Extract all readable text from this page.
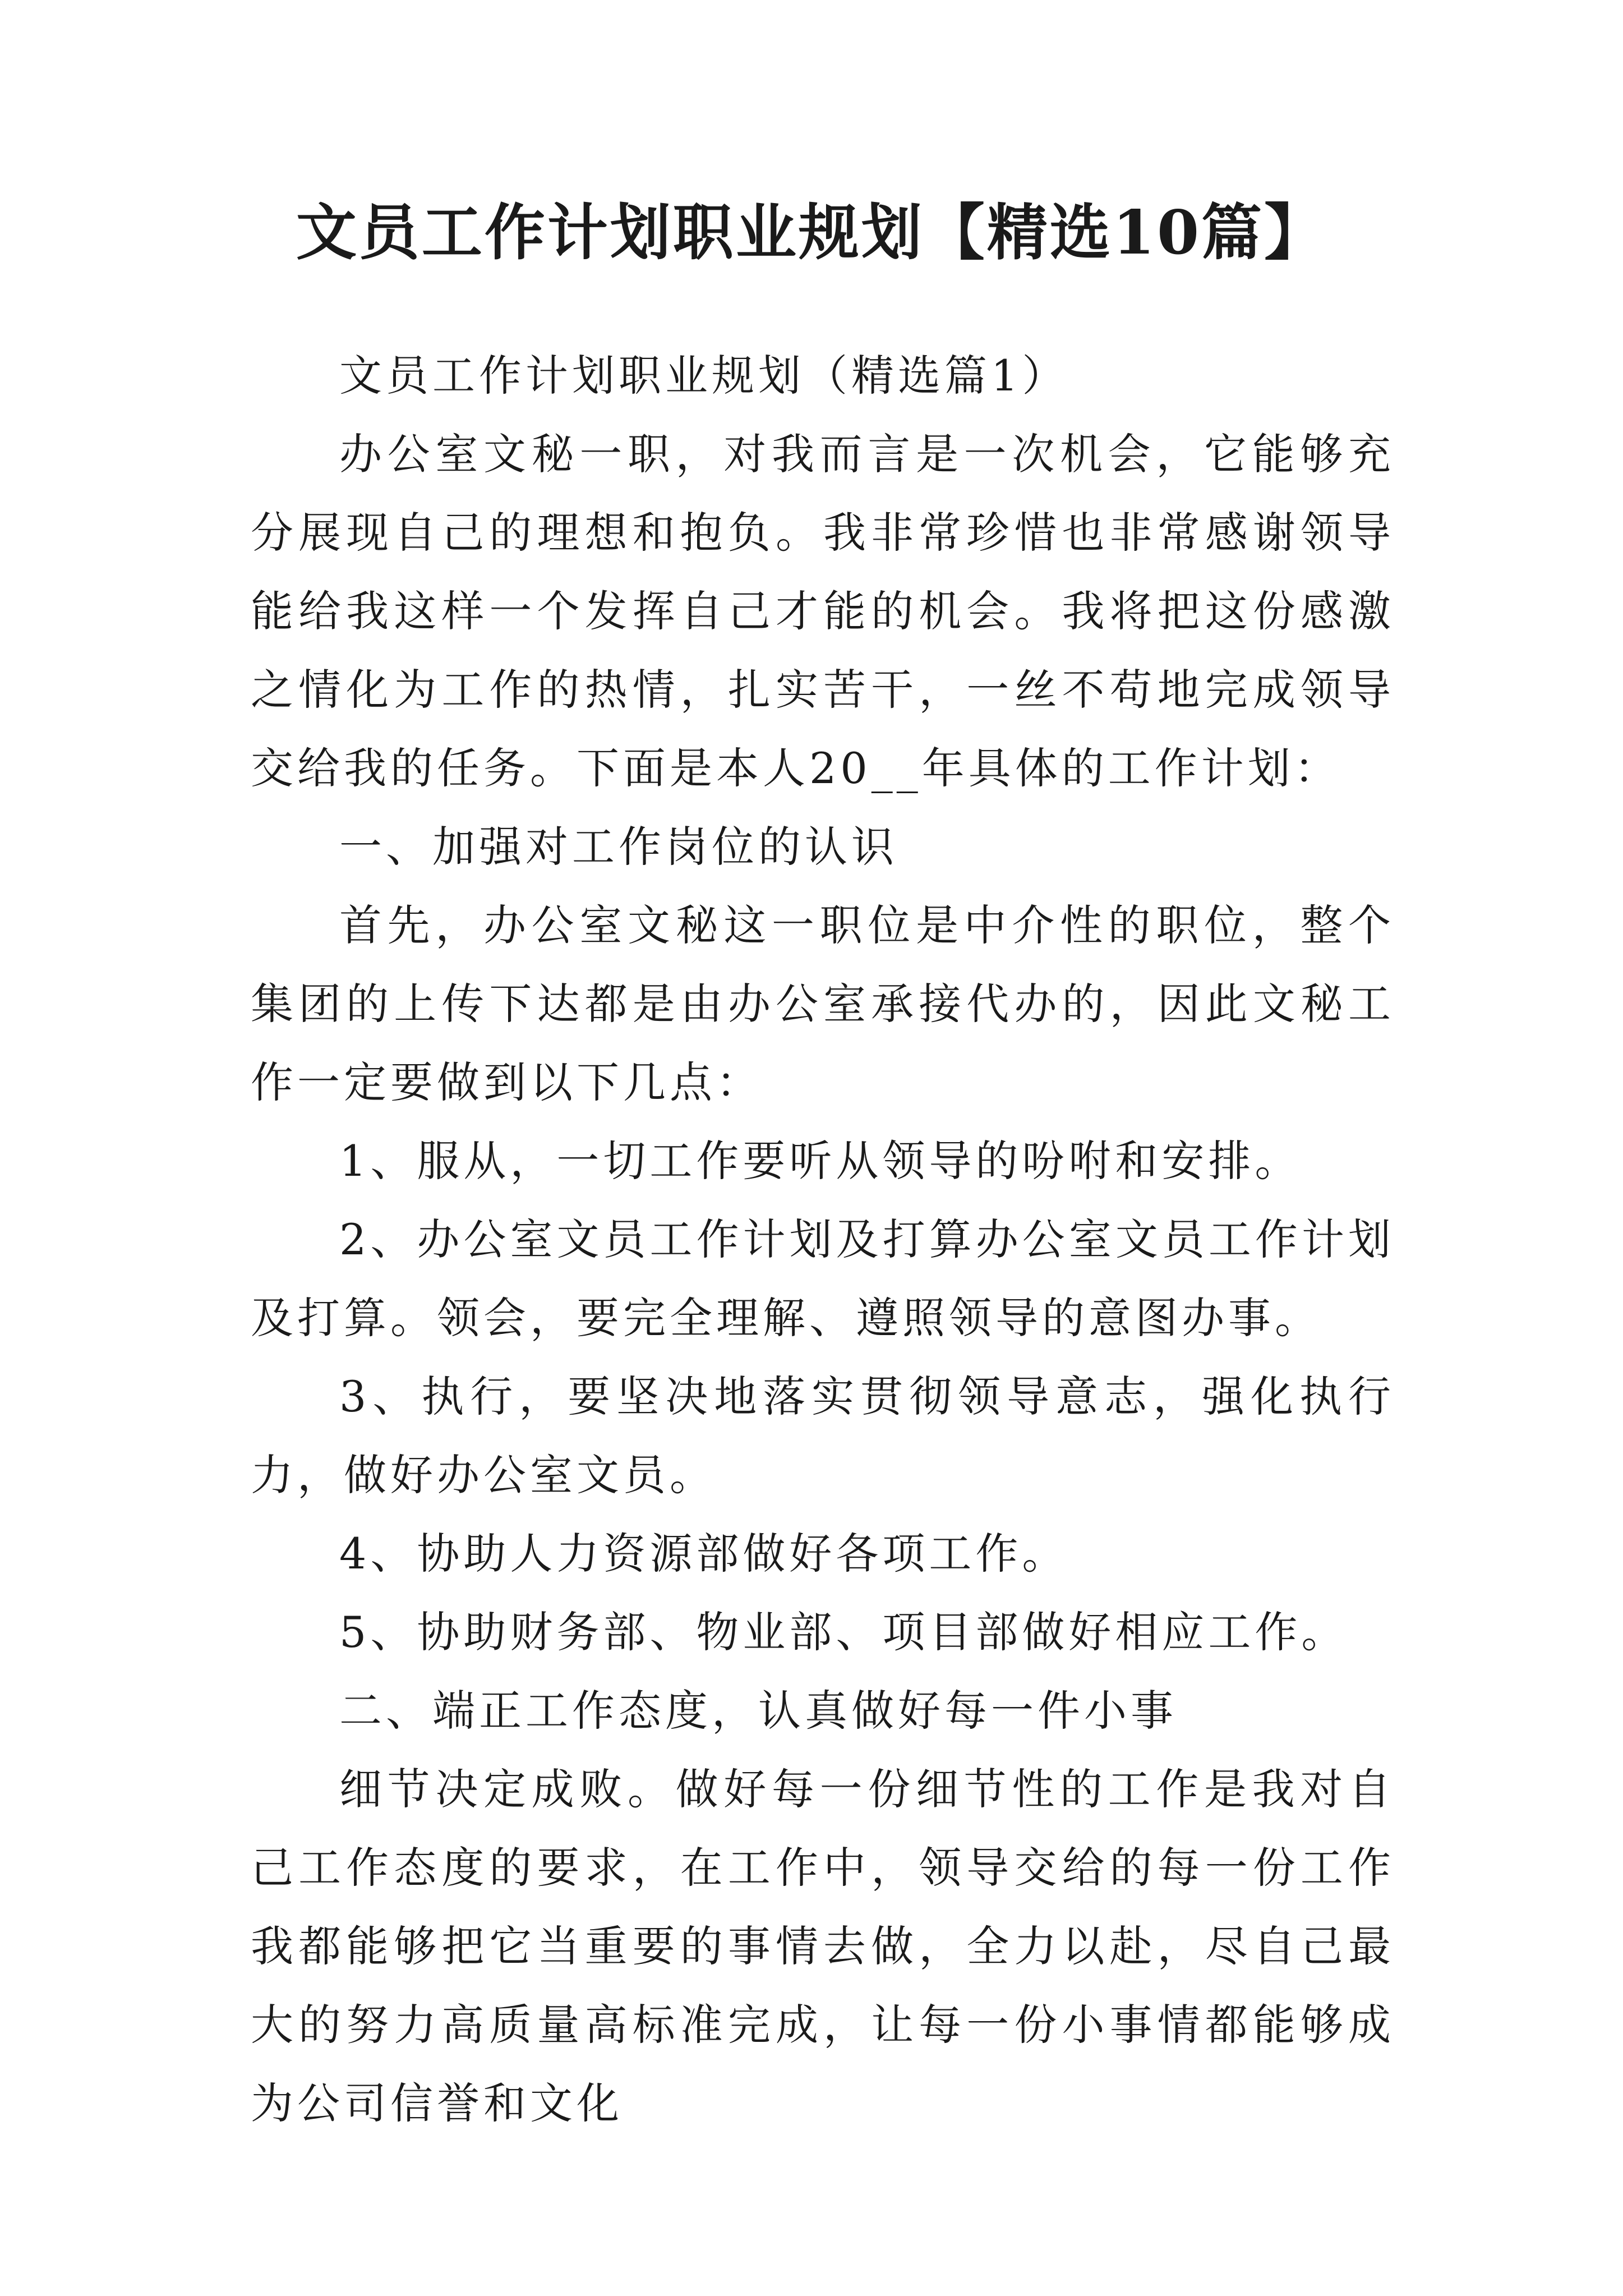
文员工作计划职业规划【精选10篇】

文员工作计划职业规划（精选篇1）

办公室文秘一职，对我而言是一次机会，它能够充分展现自己的理想和抱负。我非常珍惜也非常感谢领导能给我这样一个发挥自己才能的机会。我将把这份感激之情化为工作的热情，扎实苦干，一丝不苟地完成领导交给我的任务。下面是本人20__年具体的工作计划：

一、加强对工作岗位的认识

首先，办公室文秘这一职位是中介性的职位，整个集团的上传下达都是由办公室承接代办的，因此文秘工作一定要做到以下几点：

1、服从，一切工作要听从领导的吩咐和安排。

2、办公室文员工作计划及打算办公室文员工作计划及打算。领会，要完全理解、遵照领导的意图办事。

3、执行，要坚决地落实贯彻领导意志，强化执行力，做好办公室文员。

4、协助人力资源部做好各项工作。

5、协助财务部、物业部、项目部做好相应工作。

二、端正工作态度，认真做好每一件小事

细节决定成败。做好每一份细节性的工作是我对自己工作态度的要求，在工作中，领导交给的每一份工作我都能够把它当重要的事情去做，全力以赴，尽自己最大的努力高质量高标准完成，让每一份小事情都能够成为公司信誉和文化
